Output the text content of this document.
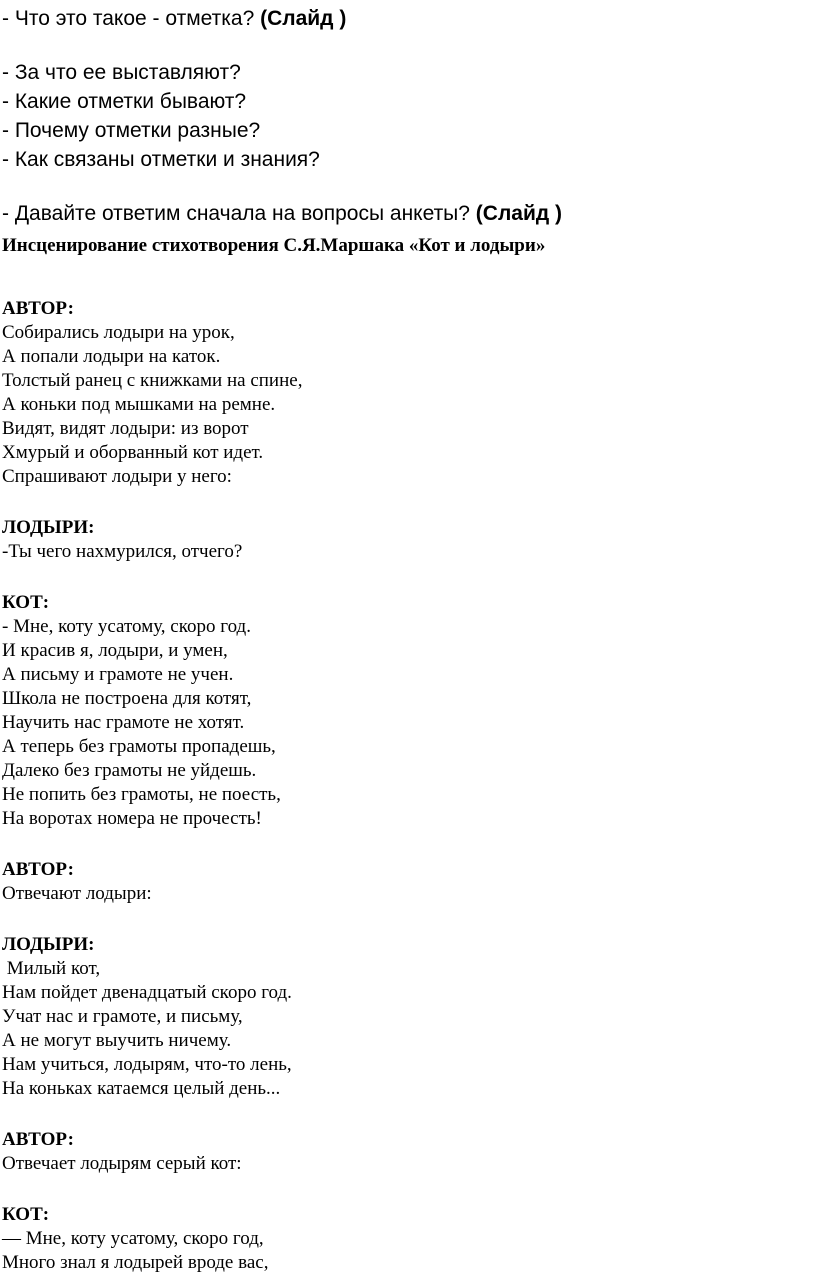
- Что это такое - отметка? (Слайд )
- За что ее выставляют?
- Какие отметки бывают?
- Почему отметки разные?
- Как связаны отметки и знания?
- Давайте ответим сначала на вопросы анкеты? (Слайд )
Инсценирование стихотворения С.Я.Маршака «Кот и лодыри»
АВТОР:
Собирались лодыри на урок,
А попали лодыри на каток.
Толстый ранец с книжками на спине,
А коньки под мышками на ремне.
Видят, видят лодыри: из ворот
Хмурый и оборванный кот идет.
Спрашивают лодыри у него:
ЛОДЫРИ:
-Ты чего нахмурился, отчего?
КОТ:
- Мне, коту усатому, скоро год.
И красив я, лодыри, и умен,
А письму и грамоте не учен.
Школа не построена для котят,
Научить нас грамоте не хотят.
А теперь без грамоты пропадешь,
Далеко без грамоты не уйдешь.
Не попить без грамоты, не поесть,
На воротах номера не прочесть!
АВТОР:
Отвечают лодыри:
ЛОДЫРИ:
Милый кот,
Нам пойдет двенадцатый скоро год.
Учат нас и грамоте, и письму,
А не могут выучить ничему.
Нам учиться, лодырям, что-то лень,
На коньках катаемся целый день...
АВТОР:
Отвечает лодырям серый кот:
КОТ:
— Мне, коту усатому, скоро год,
Много знал я лодырей вроде вас,
